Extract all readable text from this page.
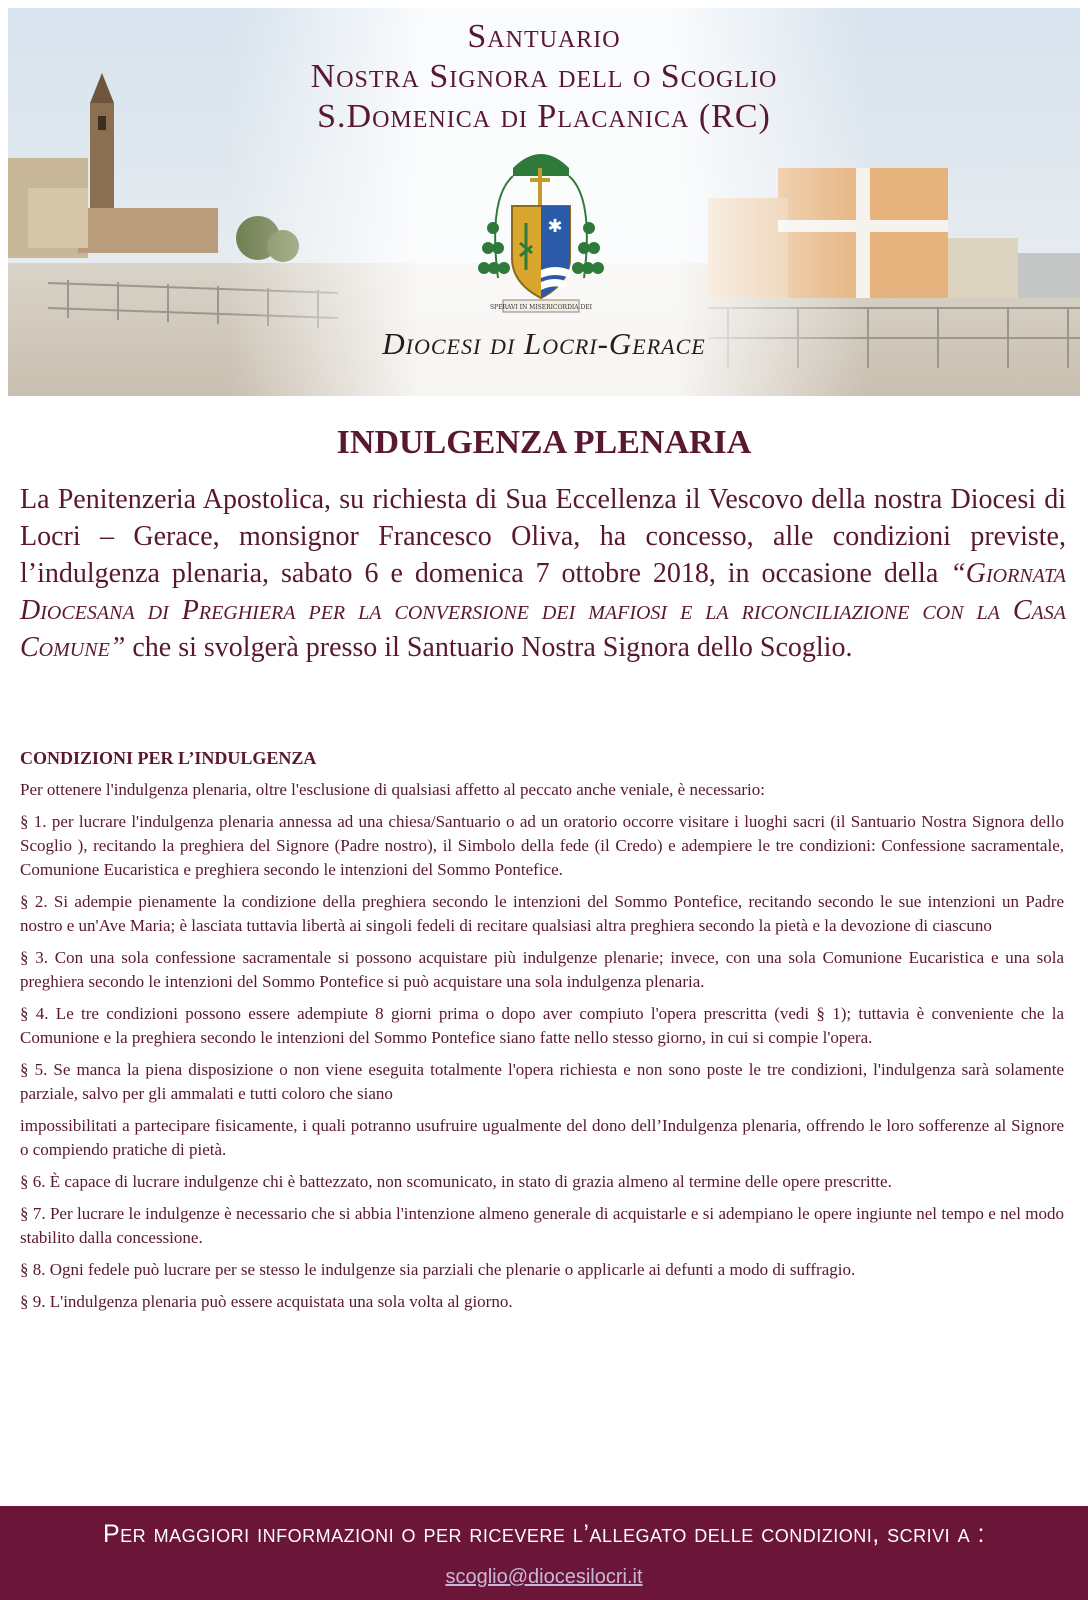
✱
SPERAVI IN MISERICORDIA DEI
Santuario
Nostra Signora dell o Scoglio
S.Domenica di Placanica (RC)
Diocesi di Locri-Gerace
INDULGENZA PLENARIA

La Penitenzeria Apostolica, su richiesta di Sua Eccellenza il Vescovo della nostra Diocesi di Locri – Gerace, monsignor Francesco Oliva, ha concesso, alle condizioni previste, l’indulgenza plenaria, sabato 6 e domenica 7 ottobre 2018, in occasione della “Giornata Diocesana di Preghiera per la conversione dei mafiosi e la riconciliazione con la Casa Comune” che si svolgerà presso il Santuario Nostra Signora dello Scoglio.

CONDIZIONI PER L’INDULGENZA

Per ottenere l'indulgenza plenaria, oltre l'esclusione di qualsiasi affetto al peccato anche veniale, è necessario:

§ 1. per lucrare l'indulgenza plenaria annessa ad una chiesa/Santuario o ad un oratorio occorre visitare i luoghi sacri (il Santuario Nostra Signora dello Scoglio ), recitando la preghiera del Signore (Padre nostro), il Simbolo della fede (il Credo) e adempiere le tre condizioni: Confessione sacramentale, Comunione Eucaristica e preghiera secondo le intenzioni del Sommo Pontefice.

§ 2. Si adempie pienamente la condizione della preghiera secondo le intenzioni del Sommo Pontefice, recitando secondo le sue intenzioni un Padre nostro e un'Ave Maria; è lasciata tuttavia libertà ai singoli fedeli di recitare qualsiasi altra preghiera secondo la pietà e la devozione di ciascuno

§ 3. Con una sola confessione sacramentale si possono acquistare più indulgenze plenarie; invece, con una sola Comunione Eucaristica e una sola preghiera secondo le intenzioni del Sommo Pontefice si può acquistare una sola indulgenza plenaria.

§ 4. Le tre condizioni possono essere adempiute 8 giorni prima o dopo aver compiuto l'opera prescritta (vedi § 1); tuttavia è conveniente che la Comunione e la preghiera secondo le intenzioni del Sommo Pontefice siano fatte nello stesso giorno, in cui si compie l'opera.

§ 5. Se manca la piena disposizione o non viene eseguita totalmente l'opera richiesta e non sono poste le tre condizioni, l'indulgenza sarà solamente parziale, salvo per gli ammalati e tutti coloro che siano

impossibilitati a partecipare fisicamente, i quali potranno usufruire ugualmente del dono dell’Indulgenza plenaria, offrendo le loro sofferenze al Signore o compiendo pratiche di pietà.

§ 6. È capace di lucrare indulgenze chi è battezzato, non scomunicato, in stato di grazia almeno al termine delle opere prescritte.

§ 7. Per lucrare le indulgenze è necessario che si abbia l'intenzione almeno generale di acquistarle e si adempiano le opere ingiunte nel tempo e nel modo stabilito dalla concessione.

§ 8. Ogni fedele può lucrare per se stesso le indulgenze sia parziali che plenarie o applicarle ai defunti a modo di suffragio.

§ 9. L'indulgenza plenaria può essere acquistata una sola volta al giorno.

Per maggiori informazioni o per ricevere l’allegato delle condizioni, scrivi a :
scoglio@diocesilocri.it
